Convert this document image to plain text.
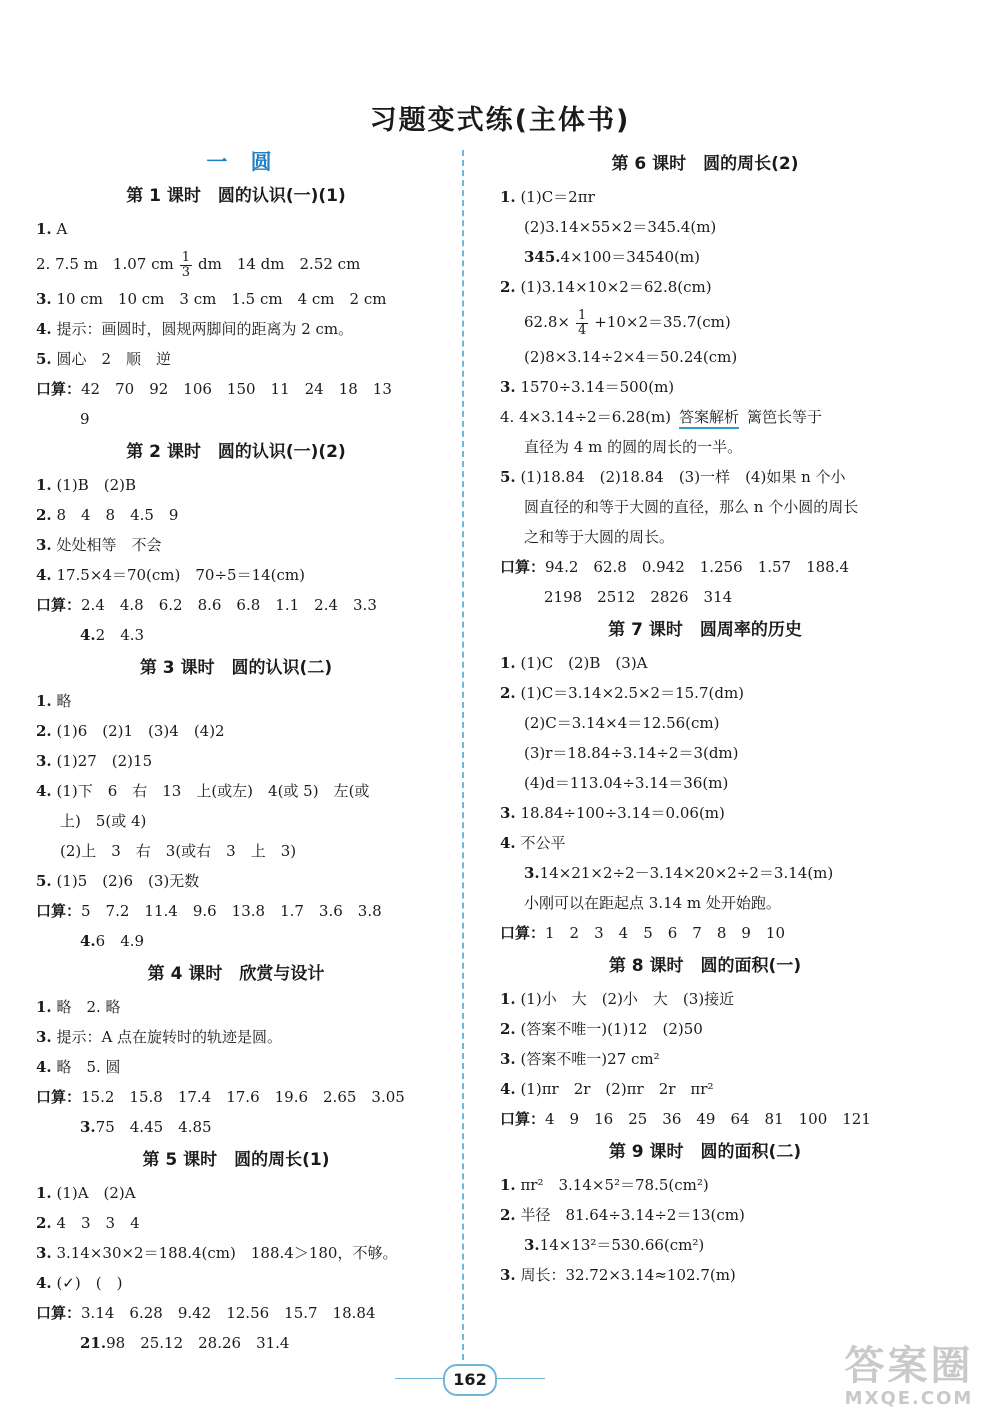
习题变式练(主体书)
一 圆
第 1 课时　圆的认识(一)(1)
1. A
2. 7.5 m　1.07 cm $\frac{1}{3}$ dm　14 dm　2.52 cm
3. 10 cm　10 cm　3 cm　1.5 cm　4 cm　2 cm
4. 提示：画圆时，圆规两脚间的距离为 2 cm。
5. 圆心　2　顺　逆
口算：42　70　92　106　150　11　24　18　13
9
第 2 课时　圆的认识(一)(2)
1. (1)B　(2)B
2. 8　4　8　4.5　9
3. 处处相等　不会
4. 17.5×4＝70(cm)　70÷5＝14(cm)
口算：2.4　4.8　6.2　8.6　6.8　1.1　2.4　3.3
4.2　4.3
第 3 课时　圆的认识(二)
1. 略
2. (1)6　(2)1　(3)4　(4)2
3. (1)27　(2)15
4. (1)下　6　右　13　上(或左)　4(或 5)　左(或
上)　5(或 4)
(2)上　3　右　3(或右　3　上　3)
5. (1)5　(2)6　(3)无数
口算：5　7.2　11.4　9.6　13.8　1.7　3.6　3.8
4.6　4.9
第 4 课时　欣赏与设计
1. 略　2. 略
3. 提示：A 点在旋转时的轨迹是圆。
4. 略　5. 圆
口算：15.2　15.8　17.4　17.6　19.6　2.65　3.05
3.75　4.45　4.85
第 5 课时　圆的周长(1)
1. (1)A　(2)A
2. 4　3　3　4
3. 3.14×30×2＝188.4(cm)　188.4＞180，不够。
4. (✓)　(　)
口算：3.14　6.28　9.42　12.56　15.7　18.84
21.98　25.12　28.26　31.4
第 6 课时　圆的周长(2)
1. (1)C＝2πr
(2)3.14×55×2＝345.4(m)
345.4×100＝34540(m)
2. (1)3.14×10×2＝62.8(cm)
$62.8\times \frac{1}{4} +10\times 2=35.7(cm)$
(2)8×3.14÷2×4＝50.24(cm)
3. 1570÷3.14＝500(m)
4. 4×3.14÷2＝6.28(m) 答案解析 篱笆长等于
直径为 4 m 的圆的周长的一半。
5. (1)18.84　(2)18.84　(3)一样　(4)如果 n 个小
圆直径的和等于大圆的直径，那么 n 个小圆的周长
之和等于大圆的周长。
口算：94.2　62.8　0.942　1.256　1.57　188.4
2198　2512　2826　314
第 7 课时　圆周率的历史
1. (1)C　(2)B　(3)A
2. (1)C＝3.14×2.5×2＝15.7(dm)
(2)C＝3.14×4＝12.56(cm)
(3)r＝18.84÷3.14÷2＝3(dm)
(4)d＝113.04÷3.14＝36(m)
3. 18.84÷100÷3.14＝0.06(m)
4. 不公平
3.14×21×2÷2－3.14×20×2÷2＝3.14(m)
小刚可以在距起点 3.14 m 处开始跑。
口算：1　2　3　4　5　6　7　8　9　10
第 8 课时　圆的面积(一)
1. (1)小　大　(2)小　大　(3)接近
2. (答案不唯一)(1)12　(2)50
3. (答案不唯一)27 cm²
4. (1)πr　2r　(2)πr　2r　πr²
口算：4　9　16　25　36　49　64　81　100　121
第 9 课时　圆的面积(二)
1. πr²　3.14×5²＝78.5(cm²)
2. 半径　81.64÷3.14÷2＝13(cm)
3.14×13²＝530.66(cm²)
3. 周长：32.72×3.14≈102.7(m)
162	答案圈
MXQE.COM
